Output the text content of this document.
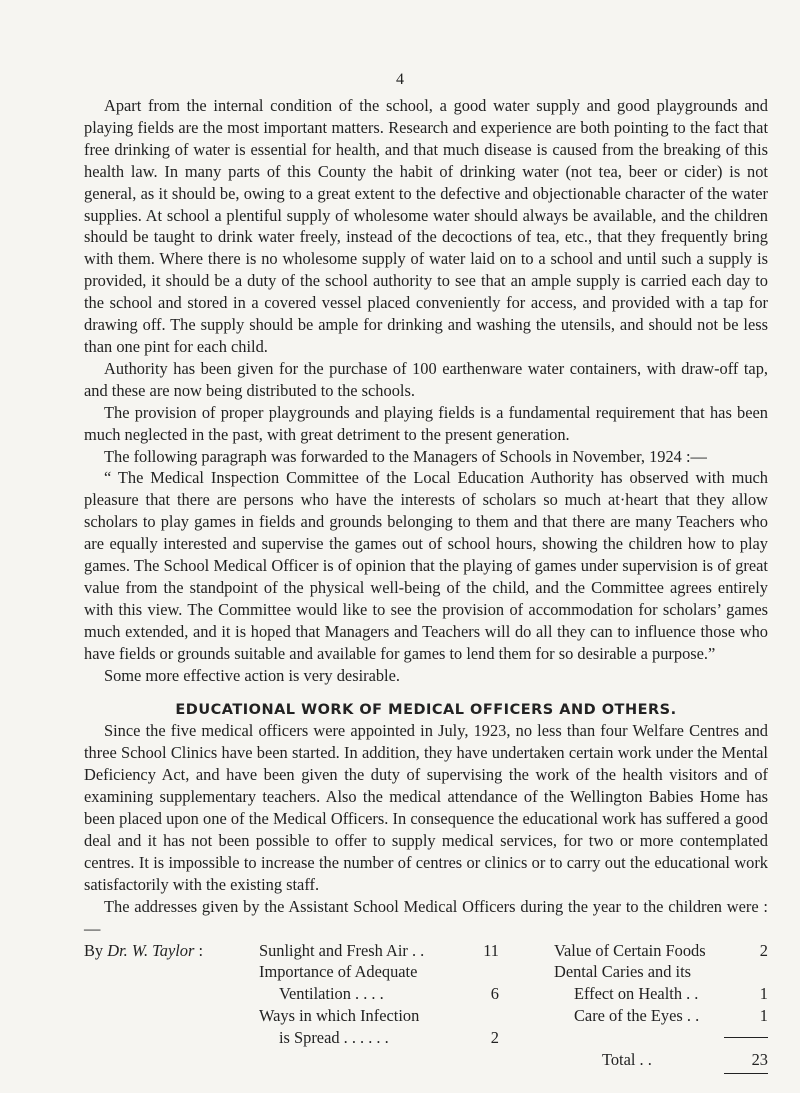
4

Apart from the internal condition of the school, a good water supply and good playgrounds and playing fields are the most important matters. Research and experience are both pointing to the fact that free drinking of water is essential for health, and that much disease is caused from the breaking of this health law. In many parts of this County the habit of drinking water (not tea, beer or cider) is not general, as it should be, owing to a great extent to the defective and objectionable character of the water supplies. At school a plentiful supply of wholesome water should always be available, and the children should be taught to drink water freely, instead of the decoctions of tea, etc., that they frequently bring with them. Where there is no wholesome supply of water laid on to a school and until such a supply is provided, it should be a duty of the school authority to see that an ample supply is carried each day to the school and stored in a covered vessel placed conveniently for access, and provided with a tap for drawing off. The supply should be ample for drinking and washing the utensils, and should not be less than one pint for each child.

Authority has been given for the purchase of 100 earthenware water containers, with draw-off tap, and these are now being distributed to the schools.

The provision of proper playgrounds and playing fields is a fundamental requirement that has been much neglected in the past, with great detriment to the present generation.

The following paragraph was forwarded to the Managers of Schools in November, 1924 :—

“ The Medical Inspection Committee of the Local Education Authority has observed with much pleasure that there are persons who have the interests of scholars so much at·heart that they allow scholars to play games in fields and grounds belonging to them and that there are many Teachers who are equally interested and supervise the games out of school hours, showing the children how to play games. The School Medical Officer is of opinion that the playing of games under supervision is of great value from the standpoint of the physical well-being of the child, and the Committee agrees entirely with this view. The Committee would like to see the provision of accommodation for scholars’ games much extended, and it is hoped that Managers and Teachers will do all they can to influence those who have fields or grounds suitable and available for games to lend them for so desirable a purpose.”

Some more effective action is very desirable.

EDUCATIONAL WORK OF MEDICAL OFFICERS AND OTHERS.

Since the five medical officers were appointed in July, 1923, no less than four Welfare Centres and three School Clinics have been started. In addition, they have undertaken certain work under the Mental Deficiency Act, and have been given the duty of supervising the work of the health visitors and of examining supplementary teachers. Also the medical attendance of the Wellington Babies Home has been placed upon one of the Medical Officers. In consequence the educational work has suffered a good deal and it has not been possible to offer to supply medical services, for two or more contemplated centres. It is impossible to increase the number of centres or clinics or to carry out the educational work satisfactorily with the existing staff.

The addresses given by the Assistant School Medical Officers during the year to the children were :—

By Dr. W. Taylor :	Sunlight and Fresh Air . .	11
Importance of Adequate
Ventilation . . . .	6
Ways in which Infection
is Spread . . . . . .	2
Value of Certain Foods	2
Dental Caries and its
Effect on Health . .	1
Care of the Eyes . .	1
Total . .	23
